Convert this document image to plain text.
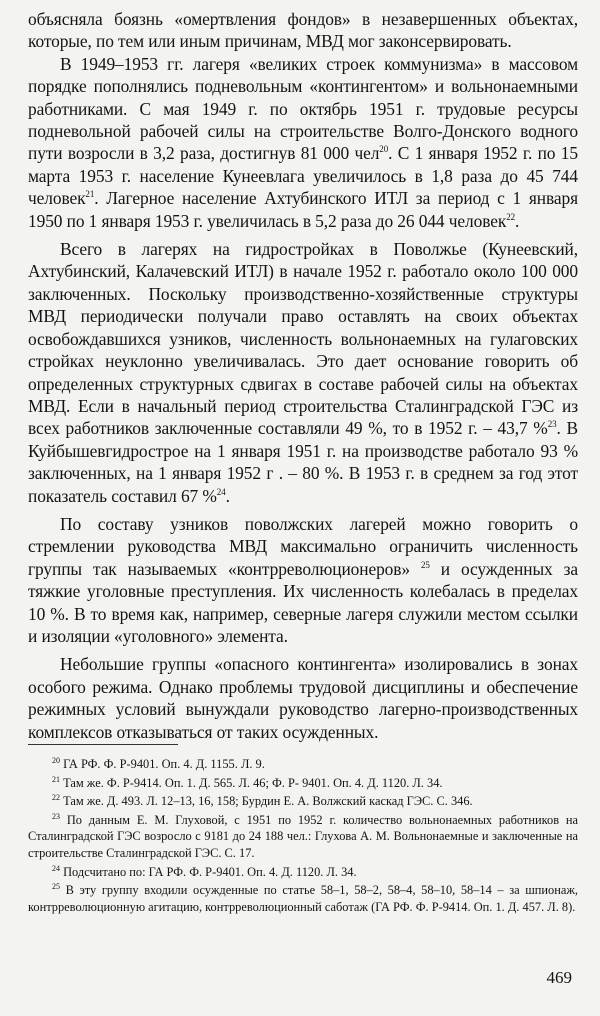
объясняла боязнь «омертвления фондов» в незавершенных объектах, которые, по тем или иным причинам, МВД мог законсервировать.

В 1949–1953 гг. лагеря «великих строек коммунизма» в массовом порядке пополнялись подневольным «контингентом» и вольнонаемными работниками. С мая 1949 г. по октябрь 1951 г. трудовые ресурсы подневольной рабочей силы на строительстве Волго-Донского водного пути возросли в 3,2 раза, достигнув 81 000 чел$^{20}$. С 1 января 1952 г. по 15 марта 1953 г. население Кунеевлага увеличилось в 1,8 раза до 45 744 человек$^{21}$. Лагерное население Ахтубинского ИТЛ за период с 1 января 1950 по 1 января 1953 г. увеличилась в 5,2 раза до 26 044 человек$^{22}$.

Всего в лагерях на гидростройках в Поволжье (Кунеевский, Ахтубинский, Калачевский ИТЛ) в начале 1952 г. работало около 100 000 заключенных. Поскольку производственно-хозяйственные структуры МВД периодически получали право оставлять на своих объектах освобождавшихся узников, численность вольнонаемных на гулаговских стройках неуклонно увеличивалась. Это дает основание говорить об определенных структурных сдвигах в составе рабочей силы на объектах МВД. Если в начальный период строительства Сталинградской ГЭС из всех работников заключенные составляли 49 %, то в 1952 г. – 43,7 %$^{23}$. В Куйбышевгидрострое на 1 января 1951 г. на производстве работало 93 % заключенных, на 1 января 1952 г . – 80 %. В 1953 г. в среднем за год этот показатель составил 67 %$^{24}$.

По составу узников поволжских лагерей можно говорить о стремлении руководства МВД максимально ограничить численность группы так называемых «контрреволюционеров» $^{25}$ и осужденных за тяжкие уголовные преступления. Их численность колебалась в пределах 10 %. В то время как, например, северные лагеря служили местом ссылки и изоляции «уголовного» элемента.

Небольшие группы «опасного контингента» изолировались в зонах особого режима. Однако проблемы трудовой дисциплины и обеспечение режимных условий вынуждали руководство лагерно-производственных комплексов отказываться от таких осужденных.

$^{20}$ ГА РФ. Ф. Р-9401. Оп. 4. Д. 1155. Л. 9.

$^{21}$ Там же. Ф. Р-9414. Оп. 1. Д. 565. Л. 46; Ф. Р- 9401. Оп. 4. Д. 1120. Л. 34.

$^{22}$ Там же. Д. 493. Л. 12–13, 16, 158; Бурдин Е. А. Волжский каскад ГЭС. С. 346.

$^{23}$ По данным Е. М. Глуховой, с 1951 по 1952 г. количество вольнонаемных работников на Сталинградской ГЭС возросло с 9181 до 24 188 чел.: Глухова А. М. Вольнонаемные и заключенные на строительстве Сталинградской ГЭС. С. 17.

$^{24}$ Подсчитано по: ГА РФ. Ф. Р-9401. Оп. 4. Д. 1120. Л. 34.

$^{25}$ В эту группу входили осужденные по статье 58–1, 58–2, 58–4, 58–10, 58–14 – за шпионаж, контрреволюционную агитацию, контрреволюционный саботаж (ГА РФ. Ф. Р-9414. Оп. 1. Д. 457. Л. 8).

469
